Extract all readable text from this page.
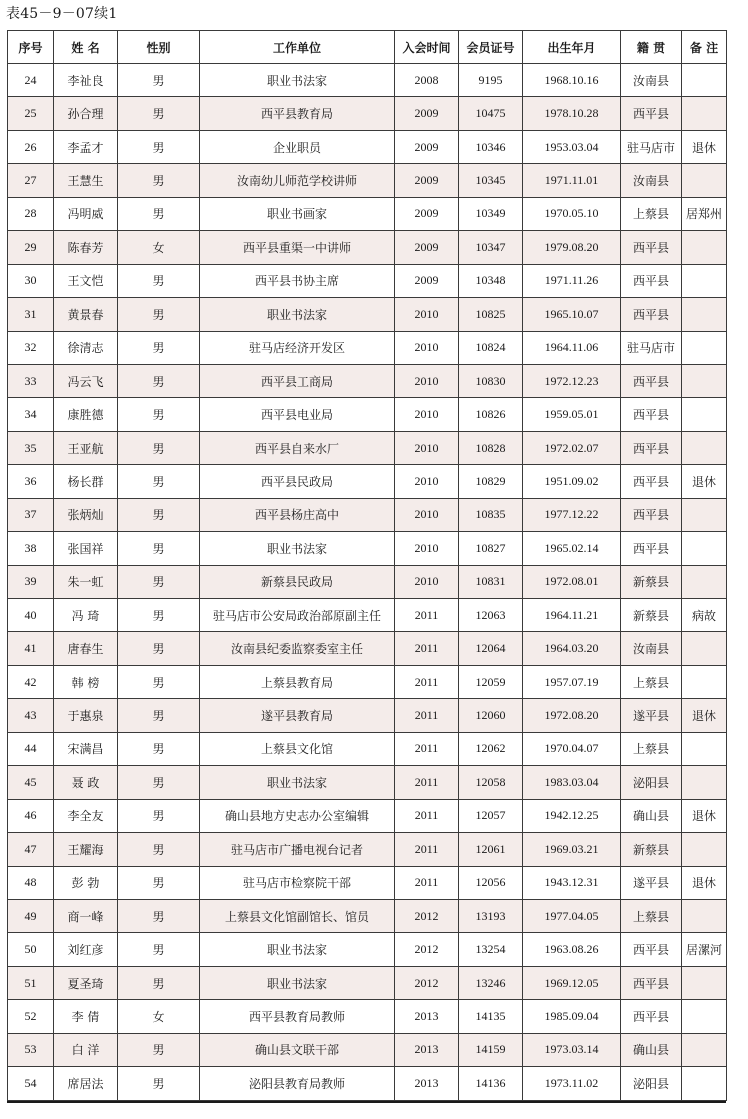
表45－9－07续1
序号	姓 名	性别	工作单位	入会时间	会员证号	出生年月	籍 贯	备 注
24	李祉良	男	职业书法家	2008	9195	1968.10.16	汝南县	
25	孙合理	男	西平县教育局	2009	10475	1978.10.28	西平县	
26	李孟才	男	企业职员	2009	10346	1953.03.04	驻马店市	退休
27	王慧生	男	汝南幼儿师范学校讲师	2009	10345	1971.11.01	汝南县	
28	冯明威	男	职业书画家	2009	10349	1970.05.10	上蔡县	居郑州
29	陈春芳	女	西平县重渠一中讲师	2009	10347	1979.08.20	西平县	
30	王文恺	男	西平县书协主席	2009	10348	1971.11.26	西平县	
31	黄景春	男	职业书法家	2010	10825	1965.10.07	西平县	
32	徐清志	男	驻马店经济开发区	2010	10824	1964.11.06	驻马店市	
33	冯云飞	男	西平县工商局	2010	10830	1972.12.23	西平县	
34	康胜德	男	西平县电业局	2010	10826	1959.05.01	西平县	
35	王亚航	男	西平县自来水厂	2010	10828	1972.02.07	西平县	
36	杨长群	男	西平县民政局	2010	10829	1951.09.02	西平县	退休
37	张炳灿	男	西平县杨庄高中	2010	10835	1977.12.22	西平县	
38	张国祥	男	职业书法家	2010	10827	1965.02.14	西平县	
39	朱一虹	男	新蔡县民政局	2010	10831	1972.08.01	新蔡县	
40	冯 琦	男	驻马店市公安局政治部原副主任	2011	12063	1964.11.21	新蔡县	病故
41	唐春生	男	汝南县纪委监察委室主任	2011	12064	1964.03.20	汝南县	
42	韩 榜	男	上蔡县教育局	2011	12059	1957.07.19	上蔡县	
43	于惠泉	男	遂平县教育局	2011	12060	1972.08.20	遂平县	退休
44	宋满昌	男	上蔡县文化馆	2011	12062	1970.04.07	上蔡县	
45	聂 政	男	职业书法家	2011	12058	1983.03.04	泌阳县	
46	李全友	男	确山县地方史志办公室编辑	2011	12057	1942.12.25	确山县	退休
47	王耀海	男	驻马店市广播电视台记者	2011	12061	1969.03.21	新蔡县	
48	彭 勃	男	驻马店市检察院干部	2011	12056	1943.12.31	遂平县	退休
49	商一峰	男	上蔡县文化馆副馆长、馆员	2012	13193	1977.04.05	上蔡县	
50	刘红彦	男	职业书法家	2012	13254	1963.08.26	西平县	居漯河
51	夏圣琦	男	职业书法家	2012	13246	1969.12.05	西平县	
52	李 倩	女	西平县教育局教师	2013	14135	1985.09.04	西平县	
53	白 洋	男	确山县文联干部	2013	14159	1973.03.14	确山县	
54	席居法	男	泌阳县教育局教师	2013	14136	1973.11.02	泌阳县	
